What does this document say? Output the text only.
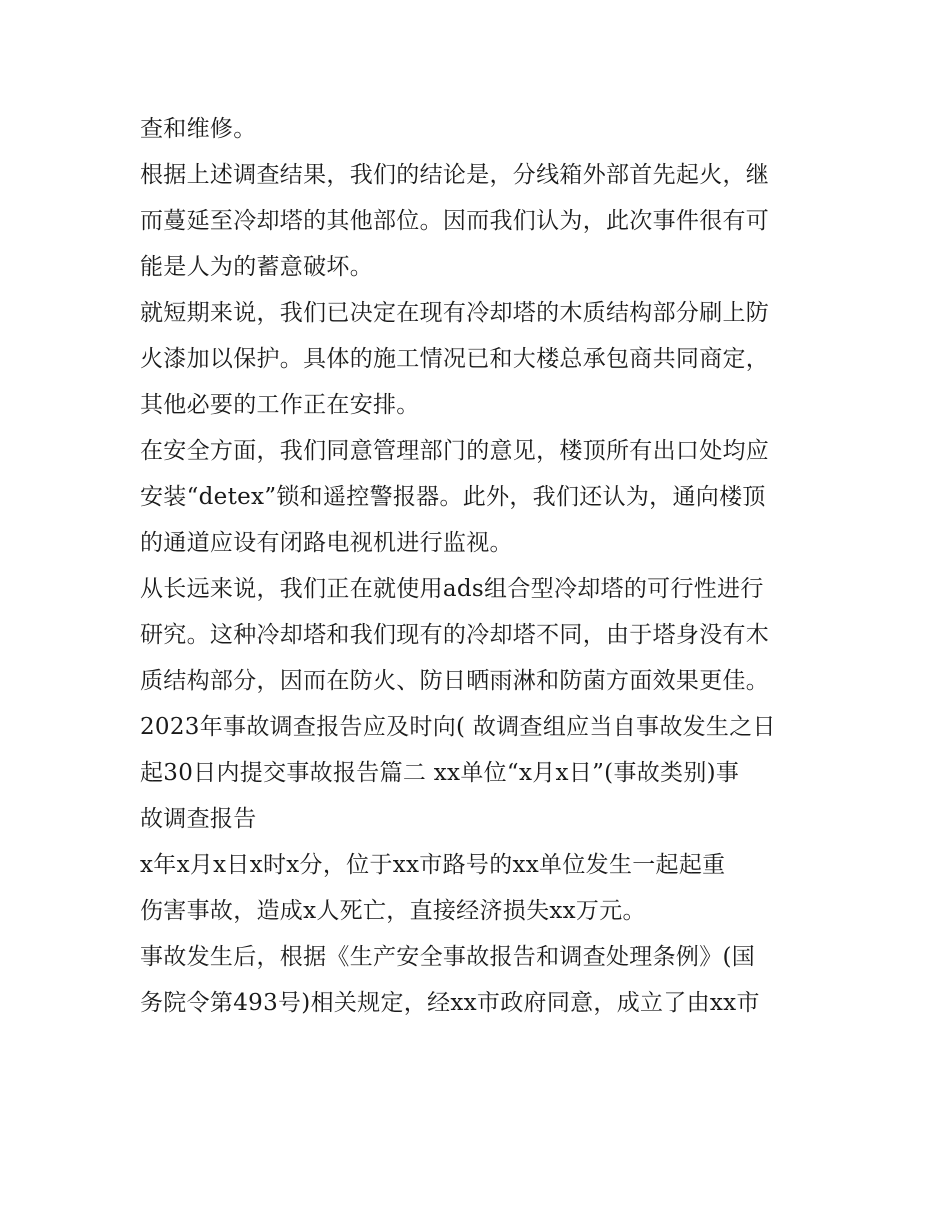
查和维修。
根据上述调查结果，我们的结论是，分线箱外部首先起火，继
而蔓延至冷却塔的其他部位。因而我们认为，此次事件很有可
能是人为的蓄意破坏。
就短期来说，我们已决定在现有冷却塔的木质结构部分刷上防
火漆加以保护。具体的施工情况已和大楼总承包商共同商定，
其他必要的工作正在安排。
在安全方面，我们同意管理部门的意见，楼顶所有出口处均应
安装“detex”锁和遥控警报器。此外，我们还认为，通向楼顶
的通道应设有闭路电视机进行监视。
从长远来说，我们正在就使用ads组合型冷却塔的可行性进行
研究。这种冷却塔和我们现有的冷却塔不同，由于塔身没有木
质结构部分，因而在防火、防日晒雨淋和防菌方面效果更佳。
2023年事故调查报告应及时向( 故调查组应当自事故发生之日
起30日内提交事故报告篇二 xx单位“x月x日”(事故类别)事
故调查报告
x年x月x日x时x分，位于xx市路号的xx单位发生一起起重
伤害事故，造成x人死亡，直接经济损失xx万元。
事故发生后，根据《生产安全事故报告和调查处理条例》(国
务院令第493号)相关规定，经xx市政府同意，成立了由xx市
